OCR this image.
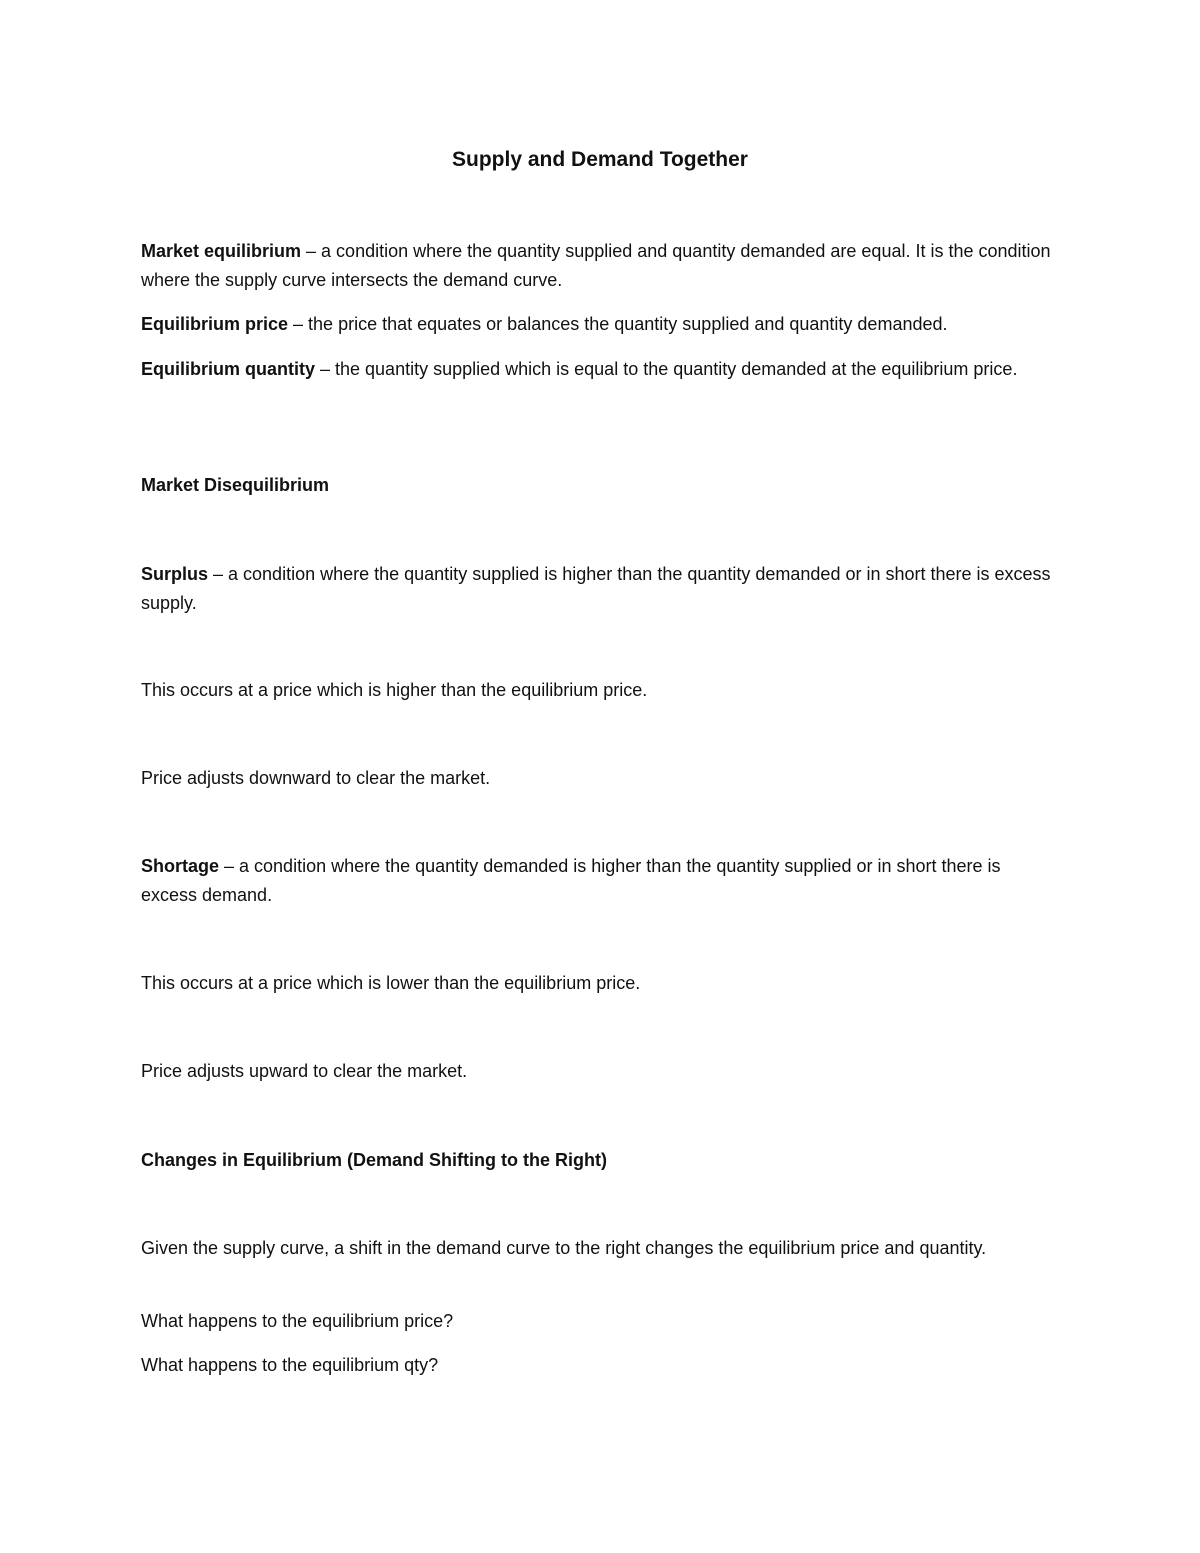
Supply and Demand Together

Market equilibrium – a condition where the quantity supplied and quantity demanded are equal. It is the condition where the supply curve intersects the demand curve.

Equilibrium price – the price that equates or balances the quantity supplied and quantity demanded.

Equilibrium quantity – the quantity supplied which is equal to the quantity demanded at the equilibrium price.

Market Disequilibrium

Surplus – a condition where the quantity supplied is higher than the quantity demanded or in short there is excess supply.

This occurs at a price which is higher than the equilibrium price.

Price adjusts downward to clear the market.

Shortage – a condition where the quantity demanded is higher than the quantity supplied or in short there is excess demand.

This occurs at a price which is lower than the equilibrium price.

Price adjusts upward to clear the market.

Changes in Equilibrium (Demand Shifting to the Right)

Given the supply curve, a shift in the demand curve to the right changes the equilibrium price and quantity.

What happens to the equilibrium price?

What happens to the equilibrium qty?
